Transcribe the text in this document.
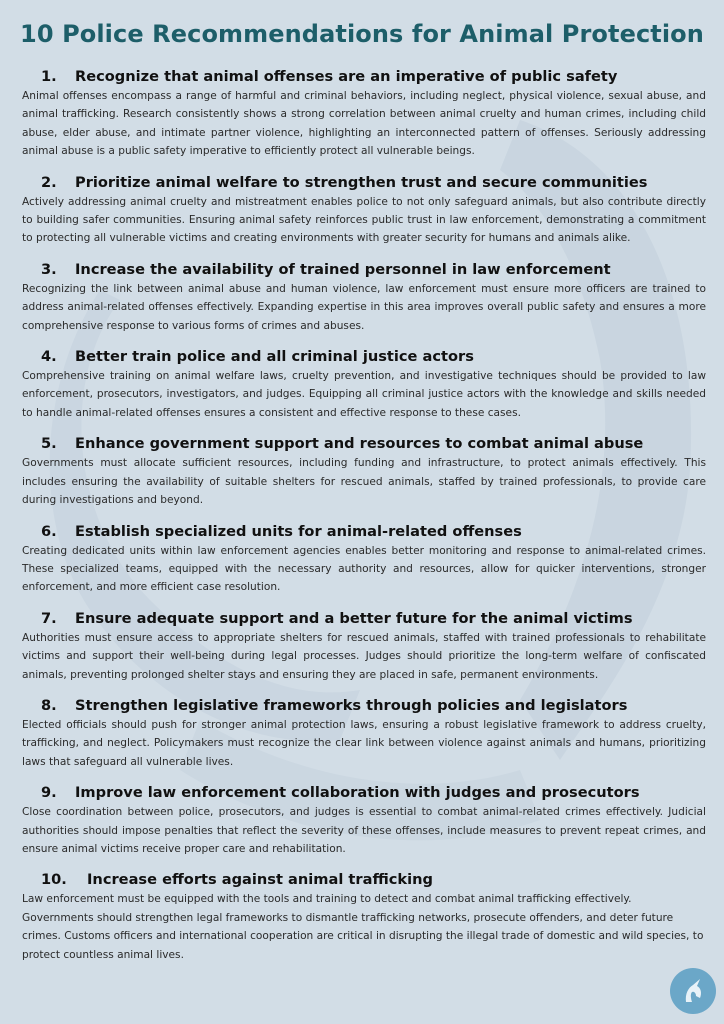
10 Police Recommendations for Animal Protection
1. Recognize that animal offenses are an imperative of public safety

Animal offenses encompass a range of harmful and criminal behaviors, including neglect, physical violence, sexual abuse, and animal trafficking. Research consistently shows a strong correlation between animal cruelty and human crimes, including child abuse, elder abuse, and intimate partner violence, highlighting an interconnected pattern of offenses. Seriously addressing animal abuse is a public safety imperative to efficiently protect all vulnerable beings.

2. Prioritize animal welfare to strengthen trust and secure communities

Actively addressing animal cruelty and mistreatment enables police to not only safeguard animals, but also contribute directly to building safer communities. Ensuring animal safety reinforces public trust in law enforcement, demonstrating a commitment to protecting all vulnerable victims and creating environments with greater security for humans and animals alike.

3. Increase the availability of trained personnel in law enforcement

Recognizing the link between animal abuse and human violence, law enforcement must ensure more officers are trained to address animal-related offenses effectively. Expanding expertise in this area improves overall public safety and ensures a more comprehensive response to various forms of crimes and abuses.

4. Better train police and all criminal justice actors

Comprehensive training on animal welfare laws, cruelty prevention, and investigative techniques should be provided to law enforcement, prosecutors, investigators, and judges. Equipping all criminal justice actors with the knowledge and skills needed to handle animal-related offenses ensures a consistent and effective response to these cases.

5. Enhance government support and resources to combat animal abuse

Governments must allocate sufficient resources, including funding and infrastructure, to protect animals effectively. This includes ensuring the availability of suitable shelters for rescued animals, staffed by trained professionals, to provide care during investigations and beyond.

6. Establish specialized units for animal-related offenses

Creating dedicated units within law enforcement agencies enables better monitoring and response to animal-related crimes. These specialized teams, equipped with the necessary authority and resources, allow for quicker interventions, stronger enforcement, and more efficient case resolution.

7. Ensure adequate support and a better future for the animal victims

Authorities must ensure access to appropriate shelters for rescued animals, staffed with trained professionals to rehabilitate victims and support their well-being during legal processes. Judges should prioritize the long-term welfare of confiscated animals, preventing prolonged shelter stays and ensuring they are placed in safe, permanent environments.

8. Strengthen legislative frameworks through policies and legislators

Elected officials should push for stronger animal protection laws, ensuring a robust legislative framework to address cruelty, trafficking, and neglect. Policymakers must recognize the clear link between violence against animals and humans, prioritizing laws that safeguard all vulnerable lives.

9. Improve law enforcement collaboration with judges and prosecutors

Close coordination between police, prosecutors, and judges is essential to combat animal-related crimes effectively. Judicial authorities should impose penalties that reflect the severity of these offenses, include measures to prevent repeat crimes, and ensure animal victims receive proper care and rehabilitation.

10. Increase efforts against animal trafficking

Law enforcement must be equipped with the tools and training to detect and combat animal trafficking effectively. Governments should strengthen legal frameworks to dismantle trafficking networks, prosecute offenders, and deter future crimes. Customs officers and international cooperation are critical in disrupting the illegal trade of domestic and wild species, to protect countless animal lives.
